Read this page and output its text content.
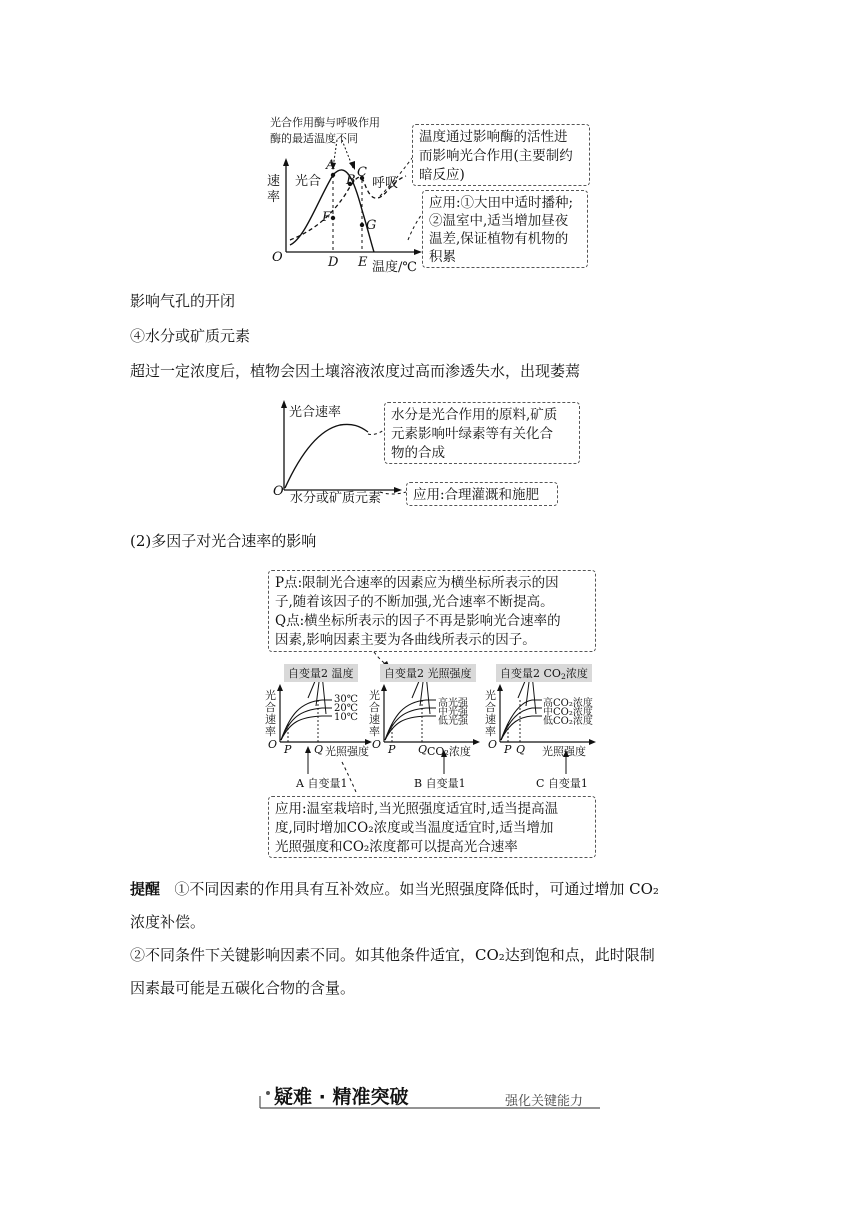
光合作用酶与呼吸作用酶的最适温度不同
速率
光合	呼吸
A
B
C
F
G
O	D E 温度/℃
温度通过影响酶的活性进
而影响光合作用(主要制约
暗反应)
应用:①大田中适时播种;
②温室中,适当增加昼夜
温差,保证植物有机物的
积累
影响气孔的开闭
④水分或矿质元素
超过一定浓度后，植物会因土壤溶液浓度过高而渗透失水，出现萎蔫
光合速率
O 水分或矿质元素
水分是光合作用的原料,矿质
元素影响叶绿素等有关化合
物的合成
应用:合理灌溉和施肥
(2)多因子对光合速率的影响
P点:限制光合速率的因素应为横坐标所表示的因
子,随着该因子的不断加强,光合速率不断提高。
Q点:横坐标所表示的因子不再是影响光合速率的
因素,影响因素主要为各曲线所表示的因子。
自变量2 温度	自变量2 光照强度	自变量2 $CO_2$浓度
光合速率
光合速率
光合速率
O	O	O
P Q	P Q	P Q
光照强度	CO₂浓度	光照强度
30℃
20℃
10℃
高光强
中光强
低光强
高CO₂浓度
中CO₂浓度
低CO₂浓度
A 自变量1	B 自变量1	C 自变量1
应用:温室栽培时,当光照强度适宜时,适当提高温
度,同时增加CO₂浓度或当温度适宜时,适当增加
光照强度和CO₂浓度都可以提高光合速率
提醒 ①不同因素的作用具有互补效应。如当光照强度降低时，可通过增加 CO₂
浓度补偿。
②不同条件下关键影响因素不同。如其他条件适宜，CO₂达到饱和点，此时限制
因素最可能是五碳化合物的含量。
疑难 · 精准突破	强化关键能力
